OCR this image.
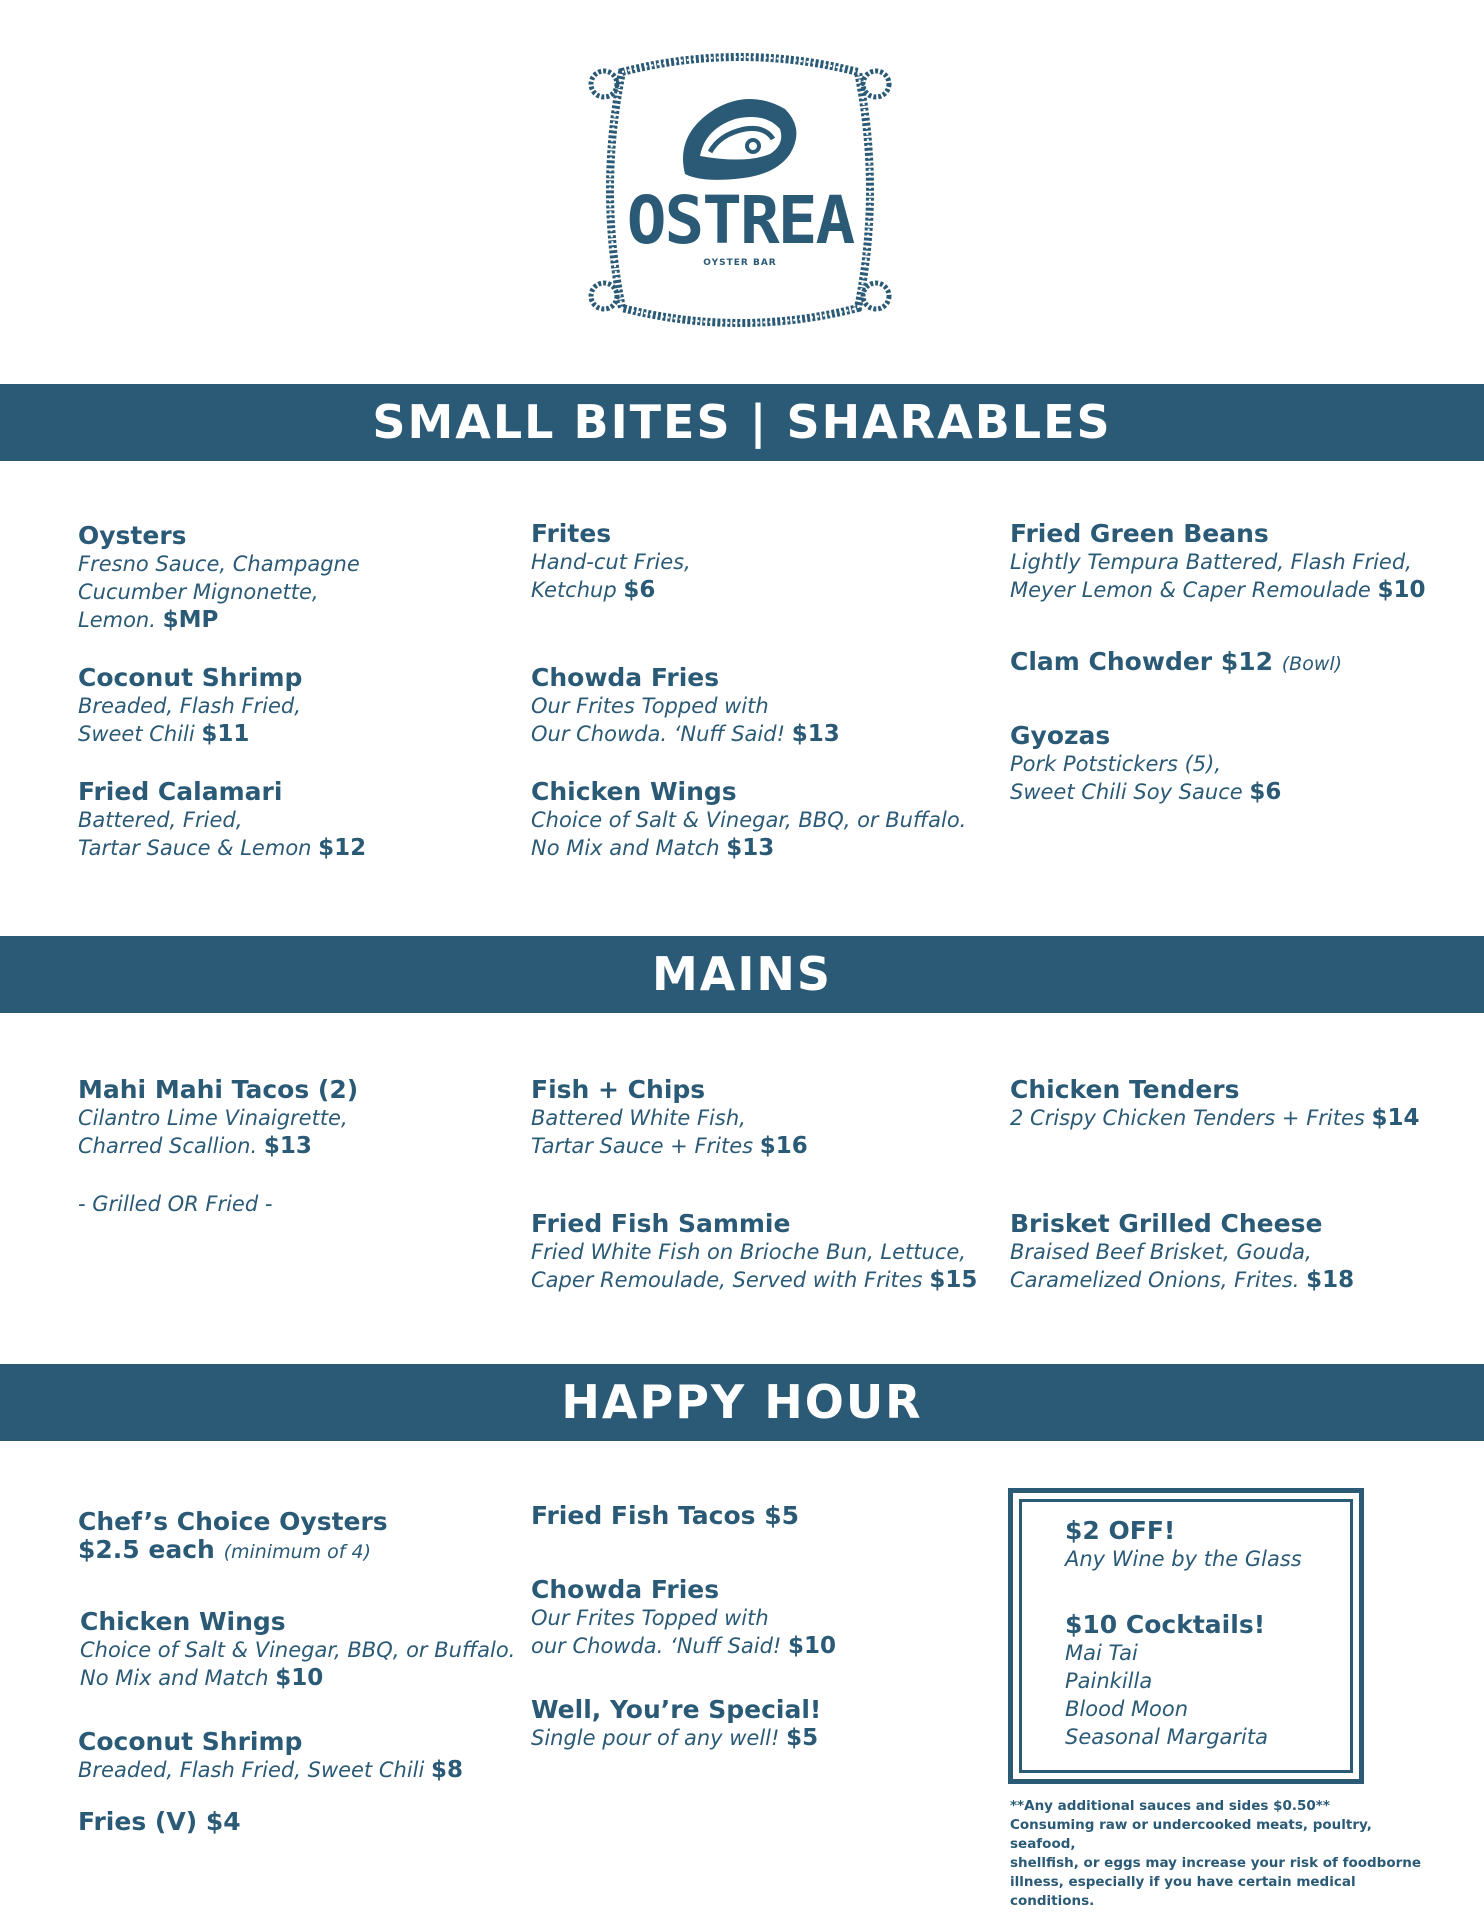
OSTREA
OYSTER BAR
SMALL BITES | SHARABLES
Oysters
Fresno Sauce, Champagne
Cucumber Mignonette,
Lemon. $MP
Coconut Shrimp
Breaded, Flash Fried,
Sweet Chili $11
Fried Calamari
Battered, Fried,
Tartar Sauce & Lemon $12
Frites
Hand-cut Fries,
Ketchup $6
Chowda Fries
Our Frites Topped with
Our Chowda. ‘Nuff Said! $13
Chicken Wings
Choice of Salt & Vinegar, BBQ, or Buffalo.
No Mix and Match $13
Fried Green Beans
Lightly Tempura Battered, Flash Fried,
Meyer Lemon & Caper Remoulade $10
Clam Chowder $12 (Bowl)
Gyozas
Pork Potstickers (5),
Sweet Chili Soy Sauce $6
MAINS
Mahi Mahi Tacos (2)
Cilantro Lime Vinaigrette,
Charred Scallion. $13
- Grilled OR Fried -
Fish + Chips
Battered White Fish,
Tartar Sauce + Frites $16
Fried Fish Sammie
Fried White Fish on Brioche Bun, Lettuce,
Caper Remoulade, Served with Frites $15
Chicken Tenders
2 Crispy Chicken Tenders + Frites $14
Brisket Grilled Cheese
Braised Beef Brisket, Gouda,
Caramelized Onions, Frites. $18
HAPPY HOUR
Chef’s Choice Oysters
$2.5 each (minimum of 4)
Chicken Wings
Choice of Salt & Vinegar, BBQ, or Buffalo.
No Mix and Match $10
Coconut Shrimp
Breaded, Flash Fried, Sweet Chili $8
Fries (V) $4
Fried Fish Tacos $5
Chowda Fries
Our Frites Topped with
our Chowda. ‘Nuff Said! $10
Well, You’re Special!
Single pour of any well! $5
$2 OFF!
Any Wine by the Glass
$10 Cocktails!
Mai Tai
Painkilla
Blood Moon
Seasonal Margarita
**Any additional sauces and sides $0.50**
Consuming raw or undercooked meats, poultry, seafood,
shellfish, or eggs may increase your risk of foodborne
illness, especially if you have certain medical conditions.
